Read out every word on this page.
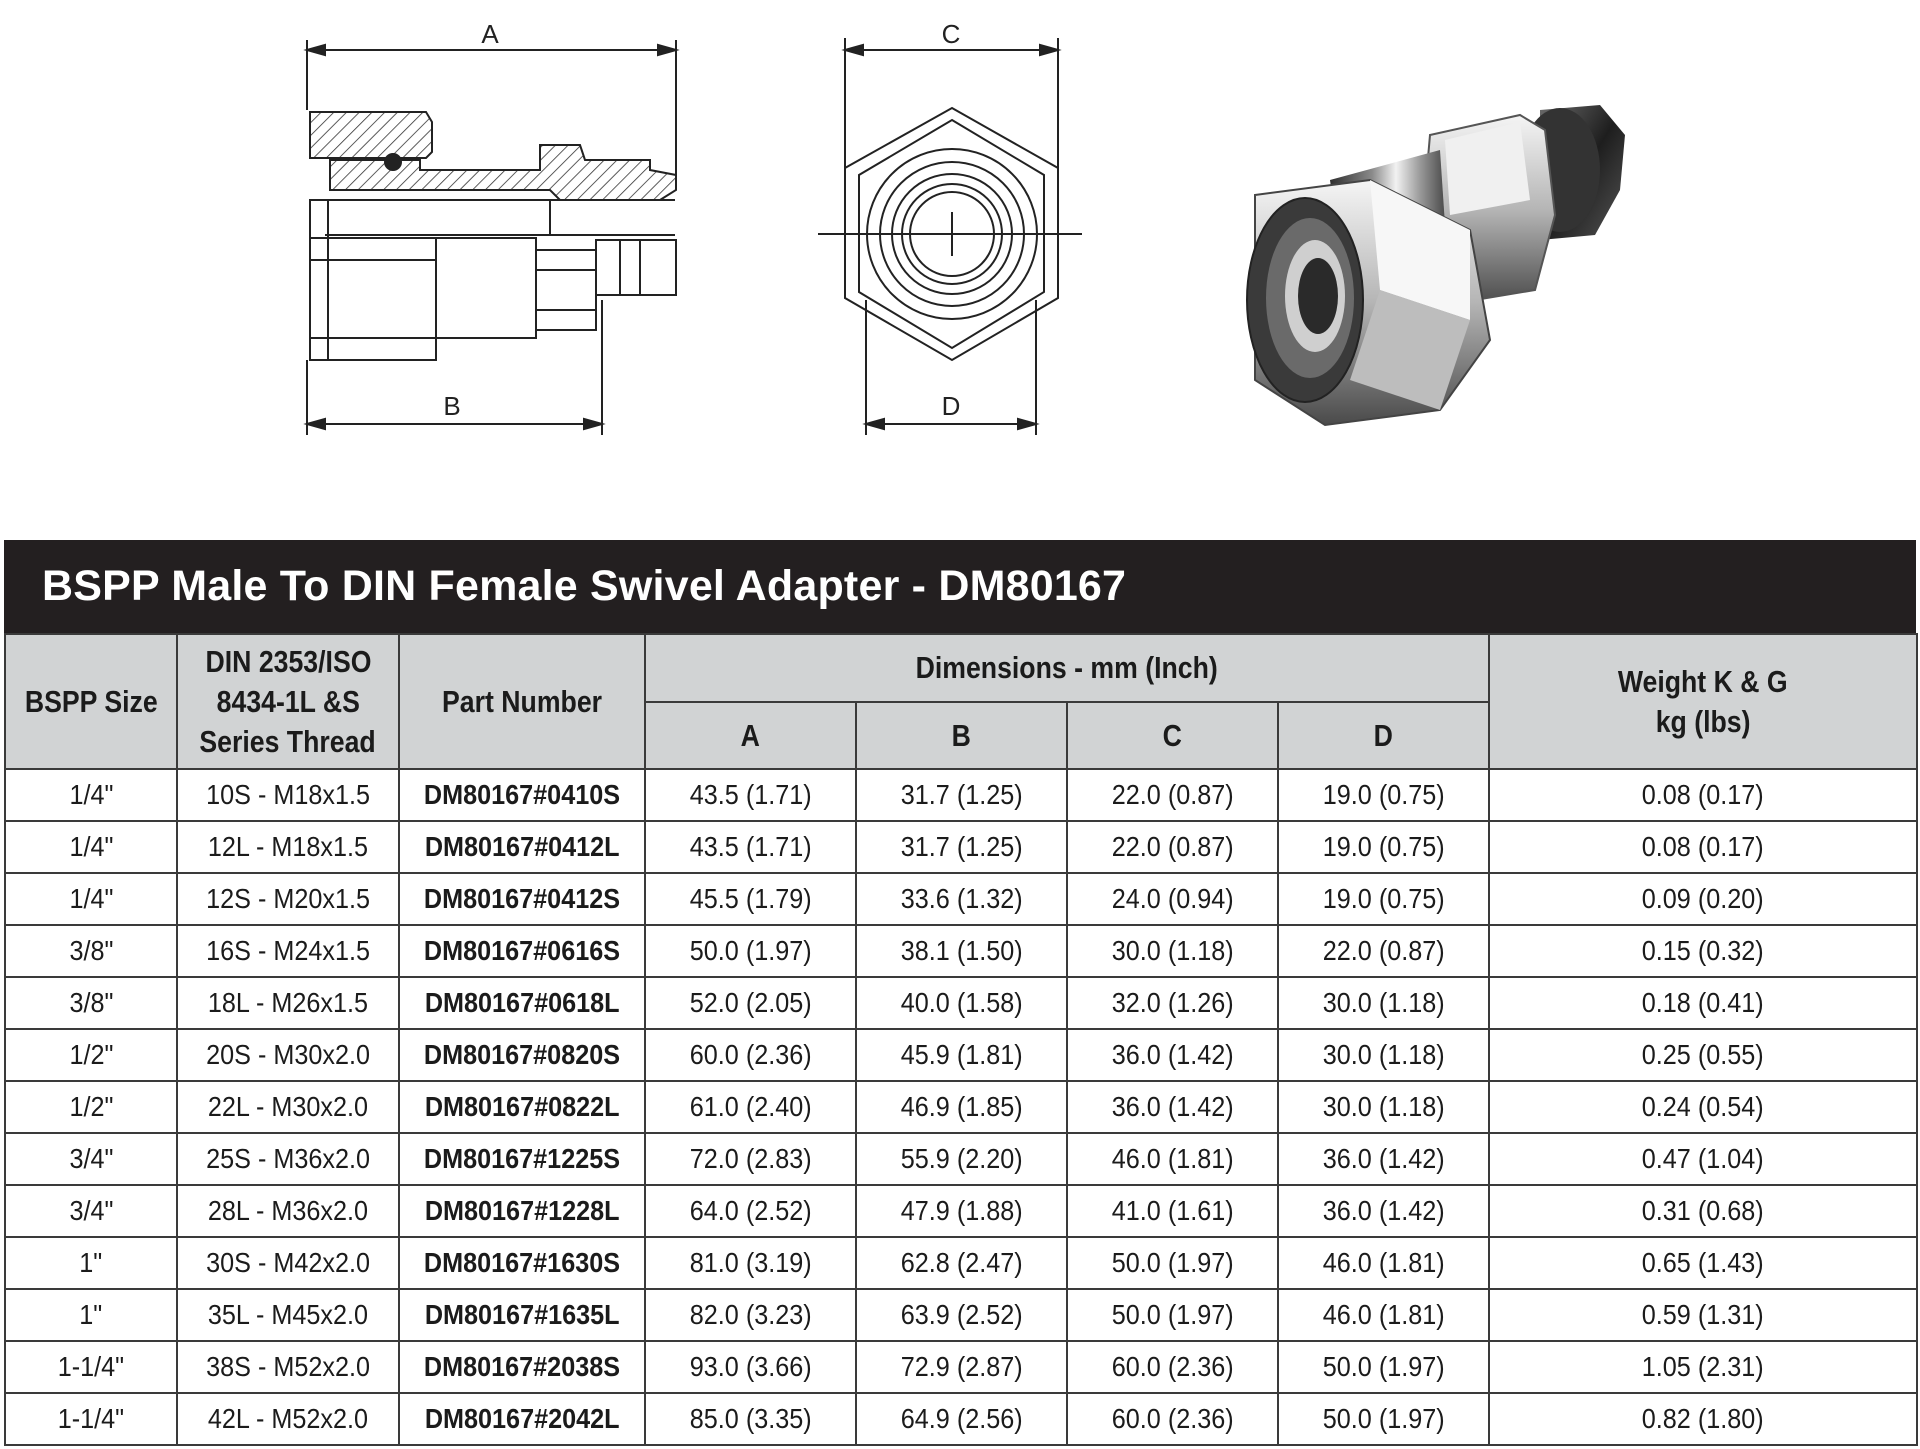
A
B
C
D
BSPP Male To DIN Female Swivel Adapter - DM80167
BSPP Size	DIN 2353/ISO
8434-1L &S
Series Thread	Part Number	Dimensions - mm (Inch)				Weight K & G
kg (lbs)
			A	B	C	D	
1/4"	10S - M18x1.5	DM80167#0410S	43.5 (1.71)	31.7 (1.25)	22.0 (0.87)	19.0 (0.75)	0.08 (0.17)
1/4"	12L - M18x1.5	DM80167#0412L	43.5 (1.71)	31.7 (1.25)	22.0 (0.87)	19.0 (0.75)	0.08 (0.17)
1/4"	12S - M20x1.5	DM80167#0412S	45.5 (1.79)	33.6 (1.32)	24.0 (0.94)	19.0 (0.75)	0.09 (0.20)
3/8"	16S - M24x1.5	DM80167#0616S	50.0 (1.97)	38.1 (1.50)	30.0 (1.18)	22.0 (0.87)	0.15 (0.32)
3/8"	18L - M26x1.5	DM80167#0618L	52.0 (2.05)	40.0 (1.58)	32.0 (1.26)	30.0 (1.18)	0.18 (0.41)
1/2"	20S - M30x2.0	DM80167#0820S	60.0 (2.36)	45.9 (1.81)	36.0 (1.42)	30.0 (1.18)	0.25 (0.55)
1/2"	22L - M30x2.0	DM80167#0822L	61.0 (2.40)	46.9 (1.85)	36.0 (1.42)	30.0 (1.18)	0.24 (0.54)
3/4"	25S - M36x2.0	DM80167#1225S	72.0 (2.83)	55.9 (2.20)	46.0 (1.81)	36.0 (1.42)	0.47 (1.04)
3/4"	28L - M36x2.0	DM80167#1228L	64.0 (2.52)	47.9 (1.88)	41.0 (1.61)	36.0 (1.42)	0.31 (0.68)
1"	30S - M42x2.0	DM80167#1630S	81.0 (3.19)	62.8 (2.47)	50.0 (1.97)	46.0 (1.81)	0.65 (1.43)
1"	35L - M45x2.0	DM80167#1635L	82.0 (3.23)	63.9 (2.52)	50.0 (1.97)	46.0 (1.81)	0.59 (1.31)
1-1/4"	38S - M52x2.0	DM80167#2038S	93.0 (3.66)	72.9 (2.87)	60.0 (2.36)	50.0 (1.97)	1.05 (2.31)
1-1/4"	42L - M52x2.0	DM80167#2042L	85.0 (3.35)	64.9 (2.56)	60.0 (2.36)	50.0 (1.97)	0.82 (1.80)
